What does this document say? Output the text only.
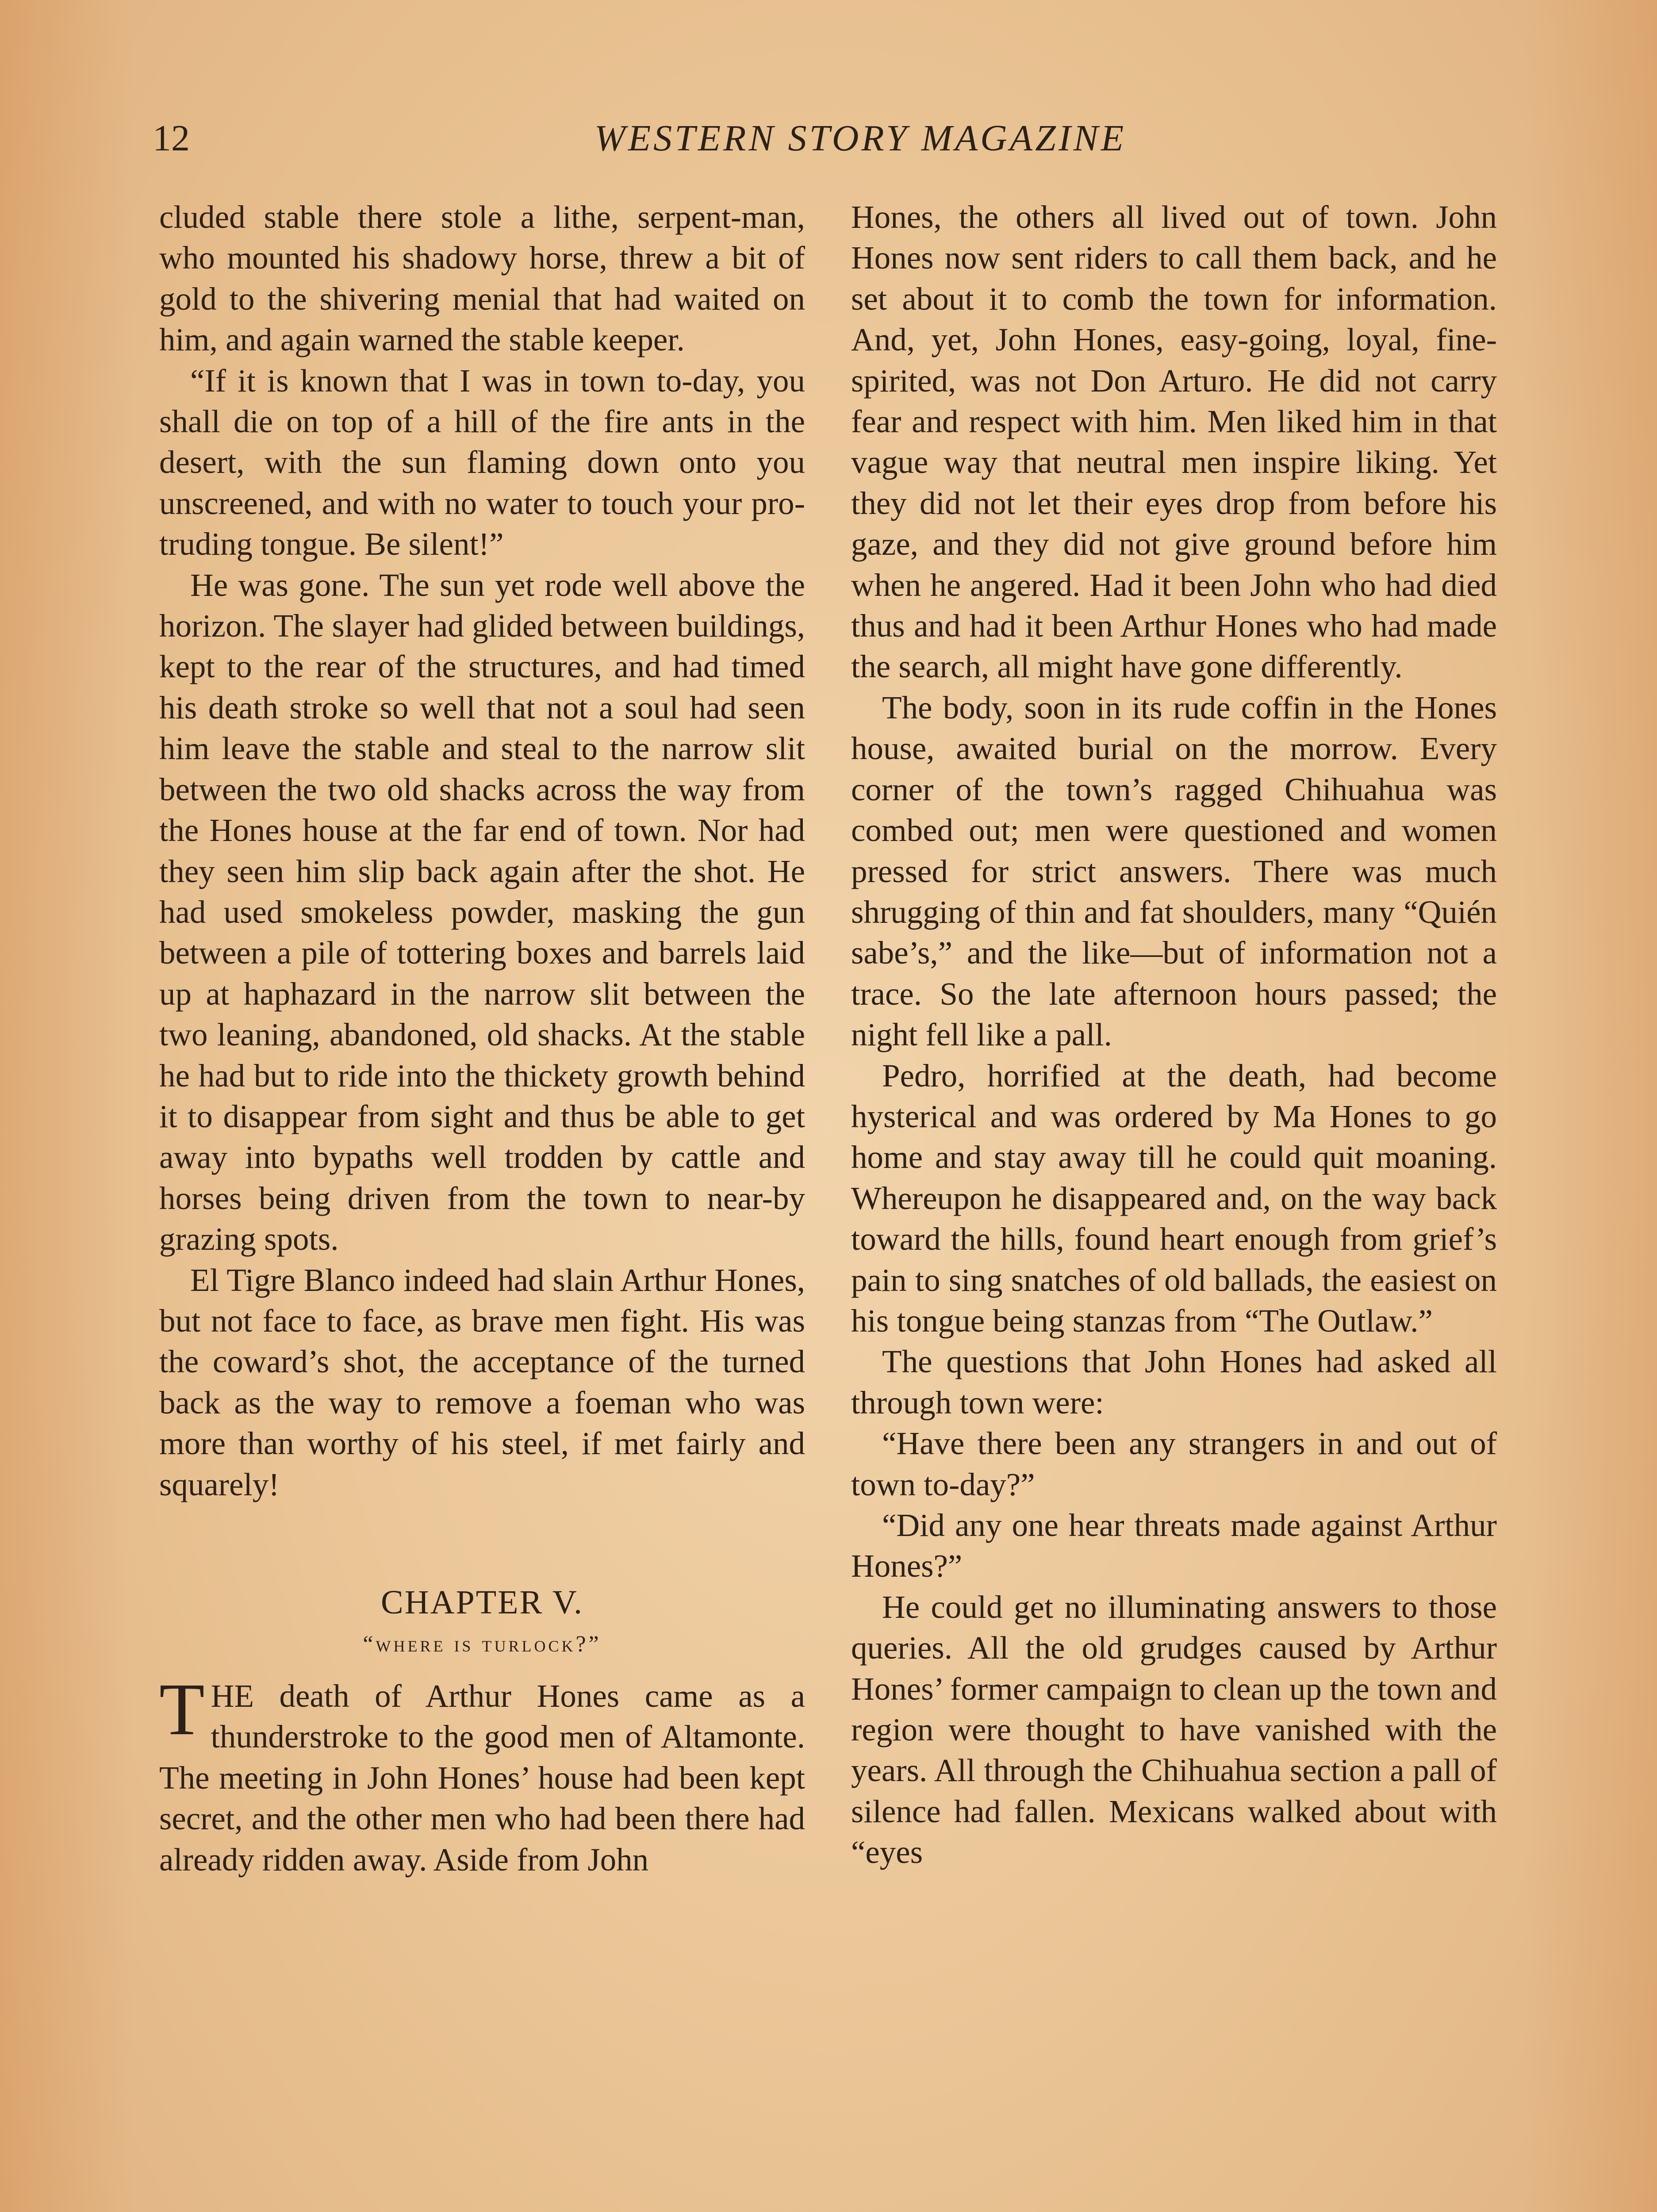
12	WESTERN STORY MAGAZINE

cluded stable there stole a lithe, serpent-man, who mounted his shadowy horse, threw a bit of gold to the shivering menial that had waited on him, and again warned the stable keeper.

“If it is known that I was in town to-day, you shall die on top of a hill of the fire ants in the desert, with the sun flaming down onto you unscreened, and with no water to touch your protruding tongue. Be silent!”

He was gone. The sun yet rode well above the horizon. The slayer had glided between buildings, kept to the rear of the structures, and had timed his death stroke so well that not a soul had seen him leave the stable and steal to the narrow slit between the two old shacks across the way from the Hones house at the far end of town. Nor had they seen him slip back again after the shot. He had used smokeless powder, masking the gun between a pile of tottering boxes and barrels laid up at haphazard in the narrow slit between the two leaning, abandoned, old shacks. At the stable he had but to ride into the thickety growth behind it to disappear from sight and thus be able to get away into bypaths well trodden by cattle and horses being driven from the town to near-by grazing spots.

El Tigre Blanco indeed had slain Arthur Hones, but not face to face, as brave men fight. His was the coward’s shot, the acceptance of the turned back as the way to remove a foeman who was more than worthy of his steel, if met fairly and squarely!

CHAPTER V.
“where is turlock?”

THE death of Arthur Hones came as a thunderstroke to the good men of Altamonte. The meeting in John Hones’ house had been kept secret, and the other men who had been there had already ridden away. Aside from John

Hones, the others all lived out of town. John Hones now sent riders to call them back, and he set about it to comb the town for information. And, yet, John Hones, easy-going, loyal, fine-spirited, was not Don Arturo. He did not carry fear and respect with him. Men liked him in that vague way that neutral men inspire liking. Yet they did not let their eyes drop from before his gaze, and they did not give ground before him when he angered. Had it been John who had died thus and had it been Arthur Hones who had made the search, all might have gone differently.

The body, soon in its rude coffin in the Hones house, awaited burial on the morrow. Every corner of the town’s ragged Chihuahua was combed out; men were questioned and women pressed for strict answers. There was much shrugging of thin and fat shoulders, many “Quién sabe’s,” and the like—but of information not a trace. So the late afternoon hours passed; the night fell like a pall.

Pedro, horrified at the death, had become hysterical and was ordered by Ma Hones to go home and stay away till he could quit moaning. Whereupon he disappeared and, on the way back toward the hills, found heart enough from grief’s pain to sing snatches of old ballads, the easiest on his tongue being stanzas from “The Outlaw.”

The questions that John Hones had asked all through town were:

“Have there been any strangers in and out of town to-day?”

“Did any one hear threats made against Arthur Hones?”

He could get no illuminating answers to those queries. All the old grudges caused by Arthur Hones’ former campaign to clean up the town and region were thought to have vanished with the years. All through the Chihuahua section a pall of silence had fallen. Mexicans walked about with “eyes
